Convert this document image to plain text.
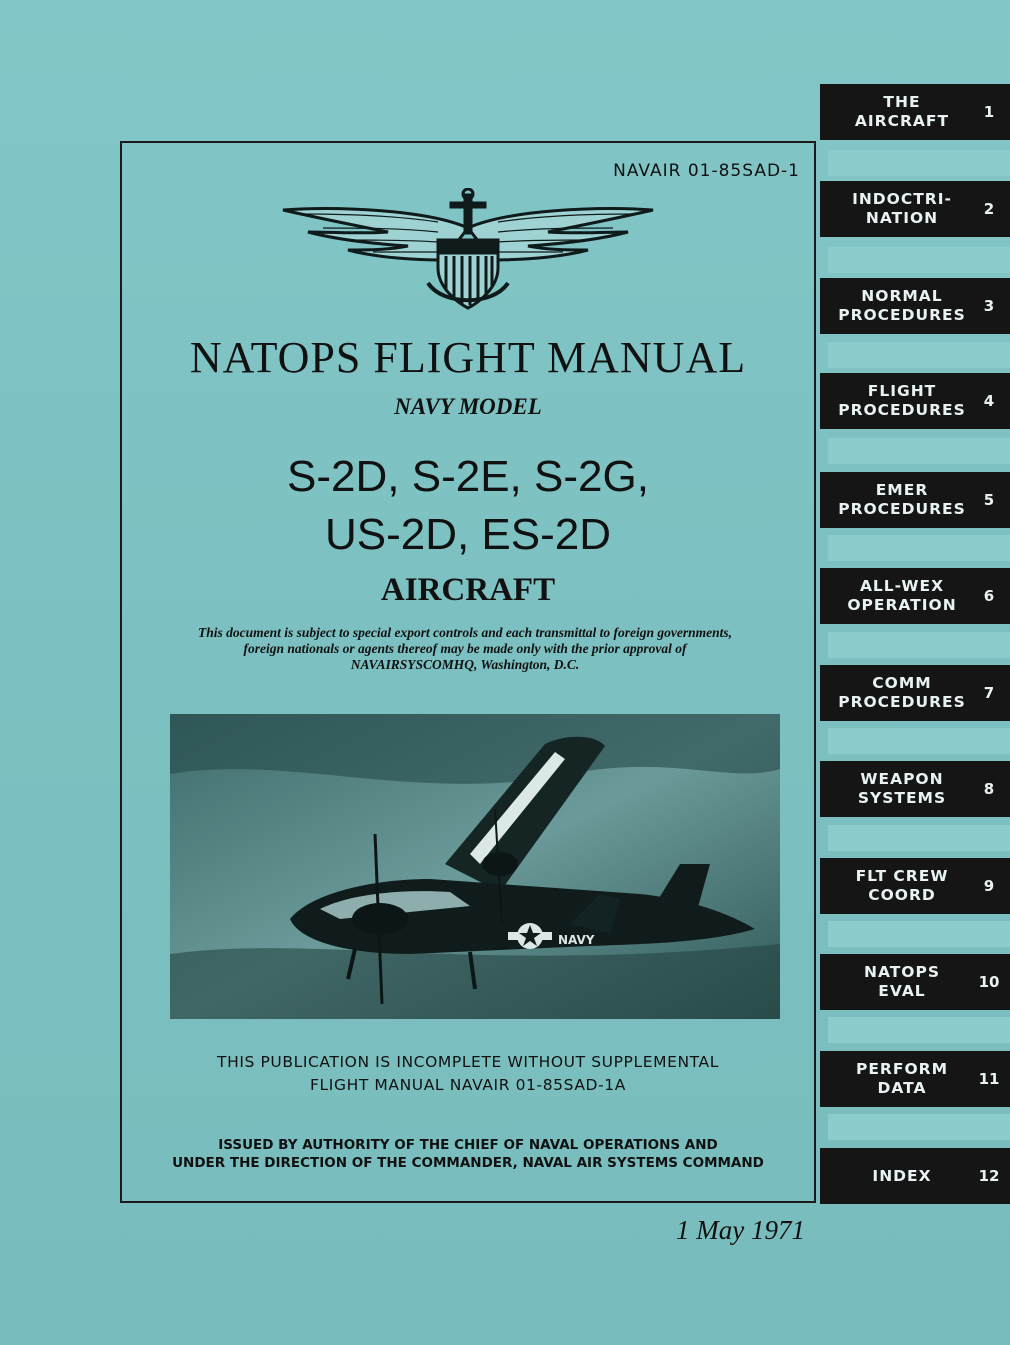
NAVAIR 01-85SAD-1
NATOPS FLIGHT MANUAL
NAVY MODEL
S-2D, S-2E, S-2G,
US-2D, ES-2D
AIRCRAFT
This document is subject to special export controls and each transmittal to foreign governments, foreign nationals or agents thereof may be made only with the prior approval of NAVAIRSYSCOMHQ, Washington, D.C.
NAVY
THIS PUBLICATION IS INCOMPLETE WITHOUT SUPPLEMENTAL
FLIGHT MANUAL NAVAIR 01-85SAD-1A
ISSUED BY AUTHORITY OF THE CHIEF OF NAVAL OPERATIONS AND
UNDER THE DIRECTION OF THE COMMANDER, NAVAL AIR SYSTEMS COMMAND
1 May 1971
THE
AIRCRAFT	1
INDOCTRI-
NATION	2
NORMAL
PROCEDURES	3
FLIGHT
PROCEDURES	4
EMER
PROCEDURES	5
ALL-WEX
OPERATION	6
COMM
PROCEDURES	7
WEAPON
SYSTEMS	8
FLT CREW
COORD	9
NATOPS
EVAL	10
PERFORM
DATA	11
INDEX	12
